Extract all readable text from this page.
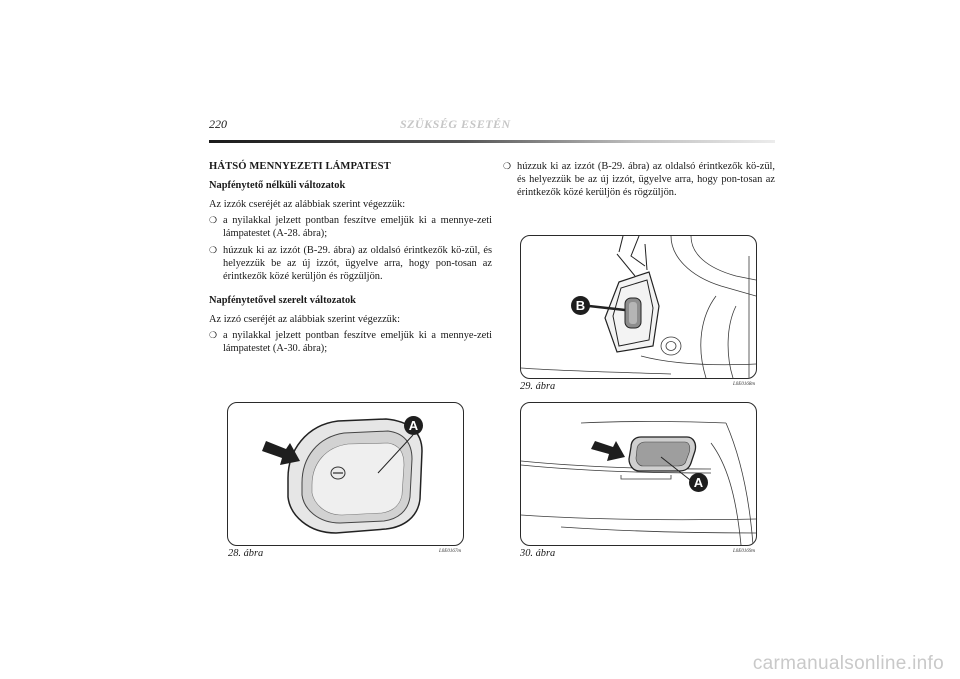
220	SZÜKSÉG ESETÉN
HÁTSÓ MENNYEZETI LÁMPATEST
Napfénytető nélküli változatok

Az izzók cseréjét az alábbiak szerint végezzük:

❍ a nyilakkal jelzett pontban feszítve emeljük ki a mennye-zeti lámpatestet (A-28. ábra);
❍ húzzuk ki az izzót (B-29. ábra) az oldalsó érintkezők kö-zül, és helyezzük be az új izzót, ügyelve arra, hogy pon-tosan az érintkezők közé kerüljön és rögzüljön.
Napfénytetővel szerelt változatok

Az izzó cseréjét az alábbiak szerint végezzük:

❍ a nyilakkal jelzett pontban feszítve emeljük ki a mennye-zeti lámpatestet (A-30. ábra);
❍ húzzuk ki az izzót (B-29. ábra) az oldalsó érintkezők kö-zül, és helyezzük be az új izzót, ügyelve arra, hogy pon-tosan az érintkezők közé kerüljön és rögzüljön.
B
29. ábra	L0E0168m
A
28. ábra	L0E0167m
A
30. ábra	L0E0169m
carmanualsonline.info
